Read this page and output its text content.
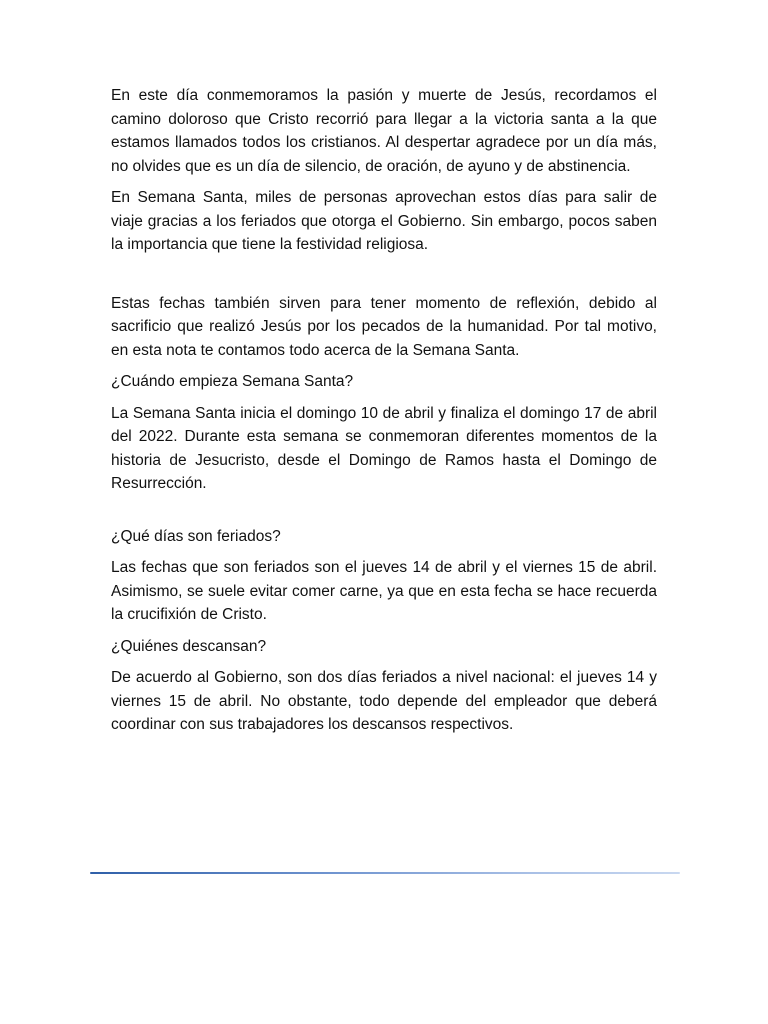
En este día conmemoramos la pasión y muerte de Jesús, recordamos el camino doloroso que Cristo recorrió para llegar a la victoria santa a la que estamos llamados todos los cristianos. Al despertar agradece por un día más, no olvides que es un día de silencio, de oración, de ayuno y de abstinencia.

En Semana Santa, miles de personas aprovechan estos días para salir de viaje gracias a los feriados que otorga el Gobierno. Sin embargo, pocos saben la importancia que tiene la festividad religiosa.

Estas fechas también sirven para tener momento de reflexión, debido al sacrificio que realizó Jesús por los pecados de la humanidad. Por tal motivo, en esta nota te contamos todo acerca de la Semana Santa.

¿Cuándo empieza Semana Santa?

La Semana Santa inicia el domingo 10 de abril y finaliza el domingo 17 de abril del 2022. Durante esta semana se conmemoran diferentes momentos de la historia de Jesucristo, desde el Domingo de Ramos hasta el Domingo de Resurrección.

¿Qué días son feriados?

Las fechas que son feriados son el jueves 14 de abril y el viernes 15 de abril. Asimismo, se suele evitar comer carne, ya que en esta fecha se hace recuerda la crucifixión de Cristo.

¿Quiénes descansan?

De acuerdo al Gobierno, son dos días feriados a nivel nacional: el jueves 14 y viernes 15 de abril. No obstante, todo depende del empleador que deberá coordinar con sus trabajadores los descansos respectivos.
